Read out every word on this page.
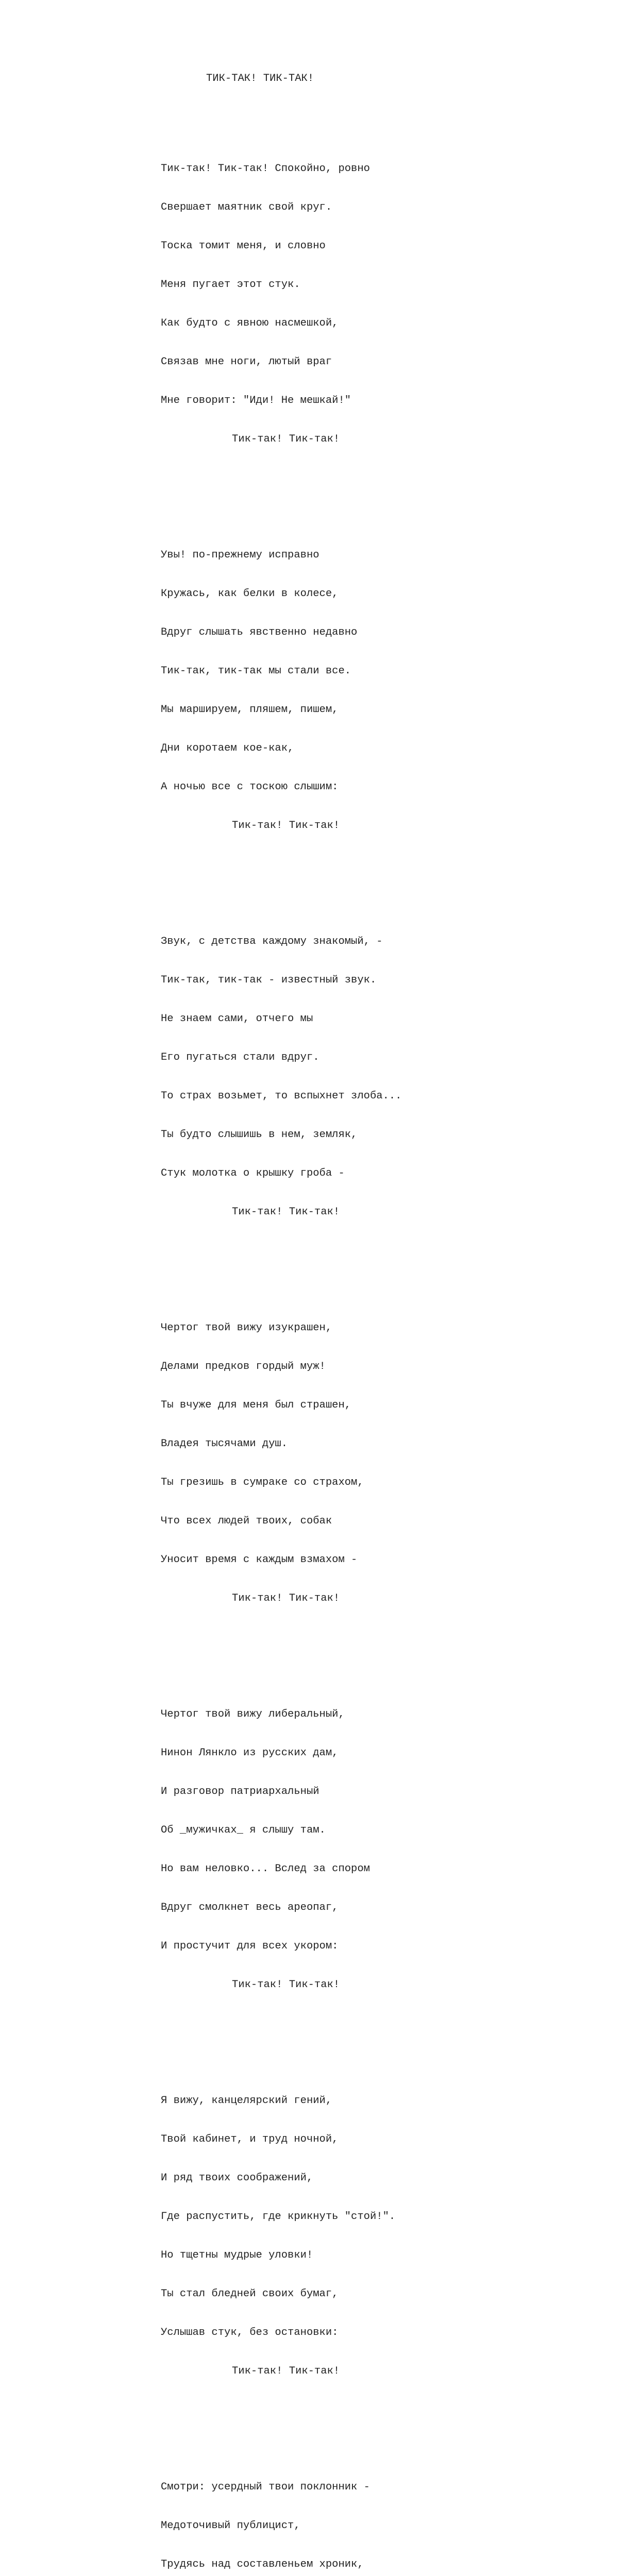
ТИК-ТАК! ТИК-ТАК!

Тик-так! Тик-так! Спокойно, ровно

Свершает маятник свой круг.

Тоска томит меня, и словно

Меня пугает этот стук.

Как будто с явною насмешкой,

Связав мне ноги, лютый враг

Мне говорит: "Иди! Не мешкай!"

Тик-так! Тик-так!

Увы! по-прежнему исправно

Кружась, как белки в колесе,

Вдруг слышать явственно недавно

Тик-так, тик-так мы стали все.

Мы маршируем, пляшем, пишем,

Дни коротаем кое-как,

А ночью все с тоскою слышим:

Тик-так! Тик-так!

Звук, с детства каждому знакомый, -

Тик-так, тик-так - известный звук.

Не знаем сами, отчего мы

Его пугаться стали вдруг.

То страх возьмет, то вспыхнет злоба...

Ты будто слышишь в нем, земляк,

Стук молотка о крышку гроба -

Тик-так! Тик-так!

Чертог твой вижу изукрашен,

Делами предков гордый муж!

Ты вчуже для меня был страшен,

Владея тысячами душ.

Ты грезишь в сумраке со страхом,

Что всех людей твоих, собак

Уносит время с каждым взмахом -

Тик-так! Тик-так!

Чертог твой вижу либеральный,

Нинон Лянкло из русских дам,

И разговор патриархальный

Об _мужичках_ я слышу там.

Но вам неловко... Вслед за спором

Вдруг смолкнет весь ареопаг,

И простучит для всех укором:

Тик-так! Тик-так!

Я вижу, канцелярский гений,

Твой кабинет, и труд ночной,

И ряд твоих соображений,

Где распустить, где крикнуть "стой!".

Но тщетны мудрые уловки!

Ты стал бледней своих бумаг,

Услышав стук, без остановки:

Тик-так! Тик-так!

Смотри: усердный твои поклонник -

Медоточивый публицист,

Трудясь над составленьем хроник,
